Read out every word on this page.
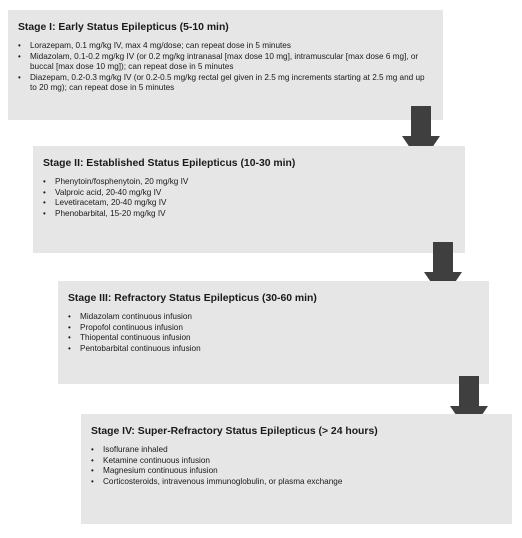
Stage I: Early Status Epilepticus (5-10 min)
• Lorazepam, 0.1 mg/kg IV, max 4 mg/dose; can repeat dose in 5 minutes
• Midazolam, 0.1-0.2 mg/kg IV (or 0.2 mg/kg intranasal [max dose 10 mg], intramuscular [max dose 6 mg], or buccal [max dose 10 mg]); can repeat dose in 5 minutes
• Diazepam, 0.2-0.3 mg/kg IV (or 0.2-0.5 mg/kg rectal gel given in 2.5 mg increments starting at 2.5 mg and up to 20 mg); can repeat dose in 5 minutes
Stage II: Established Status Epilepticus (10-30 min)
• Phenytoin/fosphenytoin, 20 mg/kg IV
• Valproic acid, 20-40 mg/kg IV
• Levetiracetam, 20-40 mg/kg IV
• Phenobarbital, 15-20 mg/kg IV
Stage III: Refractory Status Epilepticus (30-60 min)
• Midazolam continuous infusion
• Propofol continuous infusion
• Thiopental continuous infusion
• Pentobarbital continuous infusion
Stage IV: Super-Refractory Status Epilepticus (> 24 hours)
• Isoflurane inhaled
• Ketamine continuous infusion
• Magnesium continuous infusion
• Corticosteroids, intravenous immunoglobulin, or plasma exchange
